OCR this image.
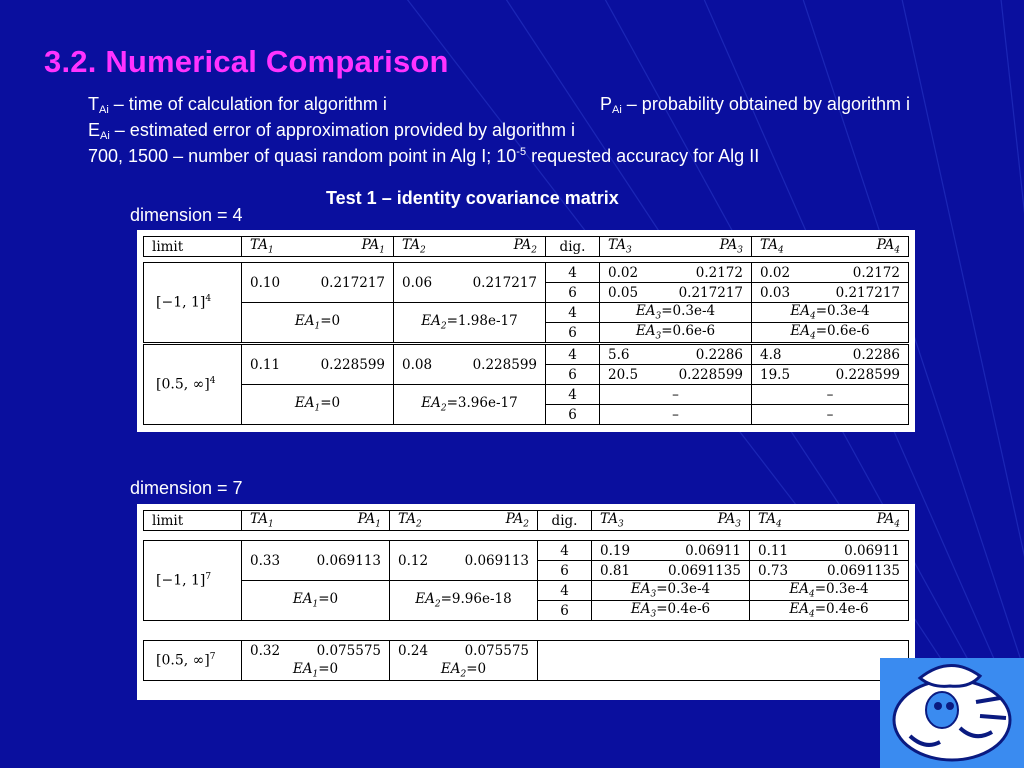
3.2. Numerical Comparison
$T_{Ai}$ – time of calculation for algorithm i	$P_{Ai}$ – probability obtained by algorithm i
$E_{Ai}$ – estimated error of approximation provided by algorithm i
700, 1500 – number of quasi random point in Alg I; $10^{-5}$ requested accuracy for Alg II
Test 1 – identity covariance matrix
dimension = 4
limit	$TA_1$	$PA_1$	$TA_2$	$PA_2$	dig.	$TA_3$	$PA_3$	$TA_4$	$PA_4$
[−1, 1]$^4$	0.10 0.217217	0.06 0.217217	4	0.02 0.2172	0.02 0.2172

			6	0.05 0.217217	0.03 0.217217

	$EA_1=0$	$EA_2=1.98e-17$	4	$EA_3=0.3e-4$	$EA_4=0.3e-4$
			6	$EA_3=0.6e-6$	$EA_4=0.6e-6$
[0.5, ∞]$^4$	0.11 0.228599	0.08 0.228599	4	5.6 0.2286	4.8 0.2286

			6	20.5 0.228599	19.5 0.228599

	$EA_1=0$	$EA_2=3.96e-17$	4	–	–
			6	–	–
dimension = 7
limit	$TA_1$	$PA_1$	$TA_2$	$PA_2$	dig.	$TA_3$	$PA_3$	$TA_4$	$PA_4$
[−1, 1]$^7$	0.33 0.069113	0.12 0.069113	4	0.19 0.06911	0.11 0.06911

			6	0.81 0.0691135	0.73 0.0691135

	$EA_1=0$	$EA_2=9.96e-18$	4	$EA_3=0.3e-4$	$EA_4=0.3e-4$
			6	$EA_3=0.4e-6$	$EA_4=0.4e-6$
[0.5, ∞]$^7$	0.32 0.075575	0.24 0.075575	

	$EA_1=0$	$EA_2=0$	
